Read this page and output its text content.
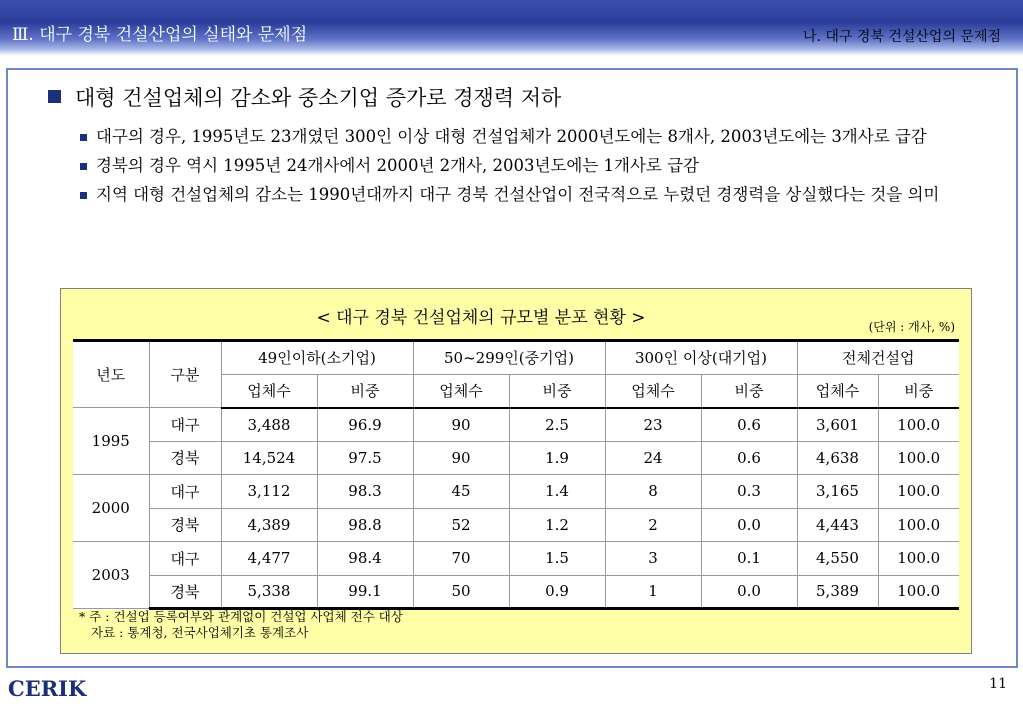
Ⅲ. 대구 경북 건설산업의 실태와 문제점	나. 대구 경북 건설산업의 문제점
대형 건설업체의 감소와 중소기업 증가로 경쟁력 저하
대구의 경우, 1995년도 23개였던 300인 이상 대형 건설업체가 2000년도에는 8개사, 2003년도에는 3개사로 급감
경북의 경우 역시 1995년 24개사에서 2000년 2개사, 2003년도에는 1개사로 급감
지역 대형 건설업체의 감소는 1990년대까지 대구 경북 건설산업이 전국적으로 누렸던 경쟁력을 상실했다는 것을 의미
< 대구 경북 건설업체의 규모별 분포 현황 >	(단위 : 개사, %)
년도	구분	49인이하(소기업)		50~299인(중기업)		300인 이상(대기업)		전체건설업	
		업체수	비중	업체수	비중	업체수	비중	업체수	비중
1995	대구	3,488	96.9	90	2.5	23	0.6	3,601	100.0
	경북	14,524	97.5	90	1.9	24	0.6	4,638	100.0
2000	대구	3,112	98.3	45	1.4	8	0.3	3,165	100.0
	경북	4,389	98.8	52	1.2	2	0.0	4,443	100.0
2003	대구	4,477	98.4	70	1.5	3	0.1	4,550	100.0
	경북	5,338	99.1	50	0.9	1	0.0	5,389	100.0
* 주 : 건설업 등록여부와 관계없이 건설업 사업체 전수 대상
자료 : 통계청, 전국사업체기초 통계조사
CERIK	11
